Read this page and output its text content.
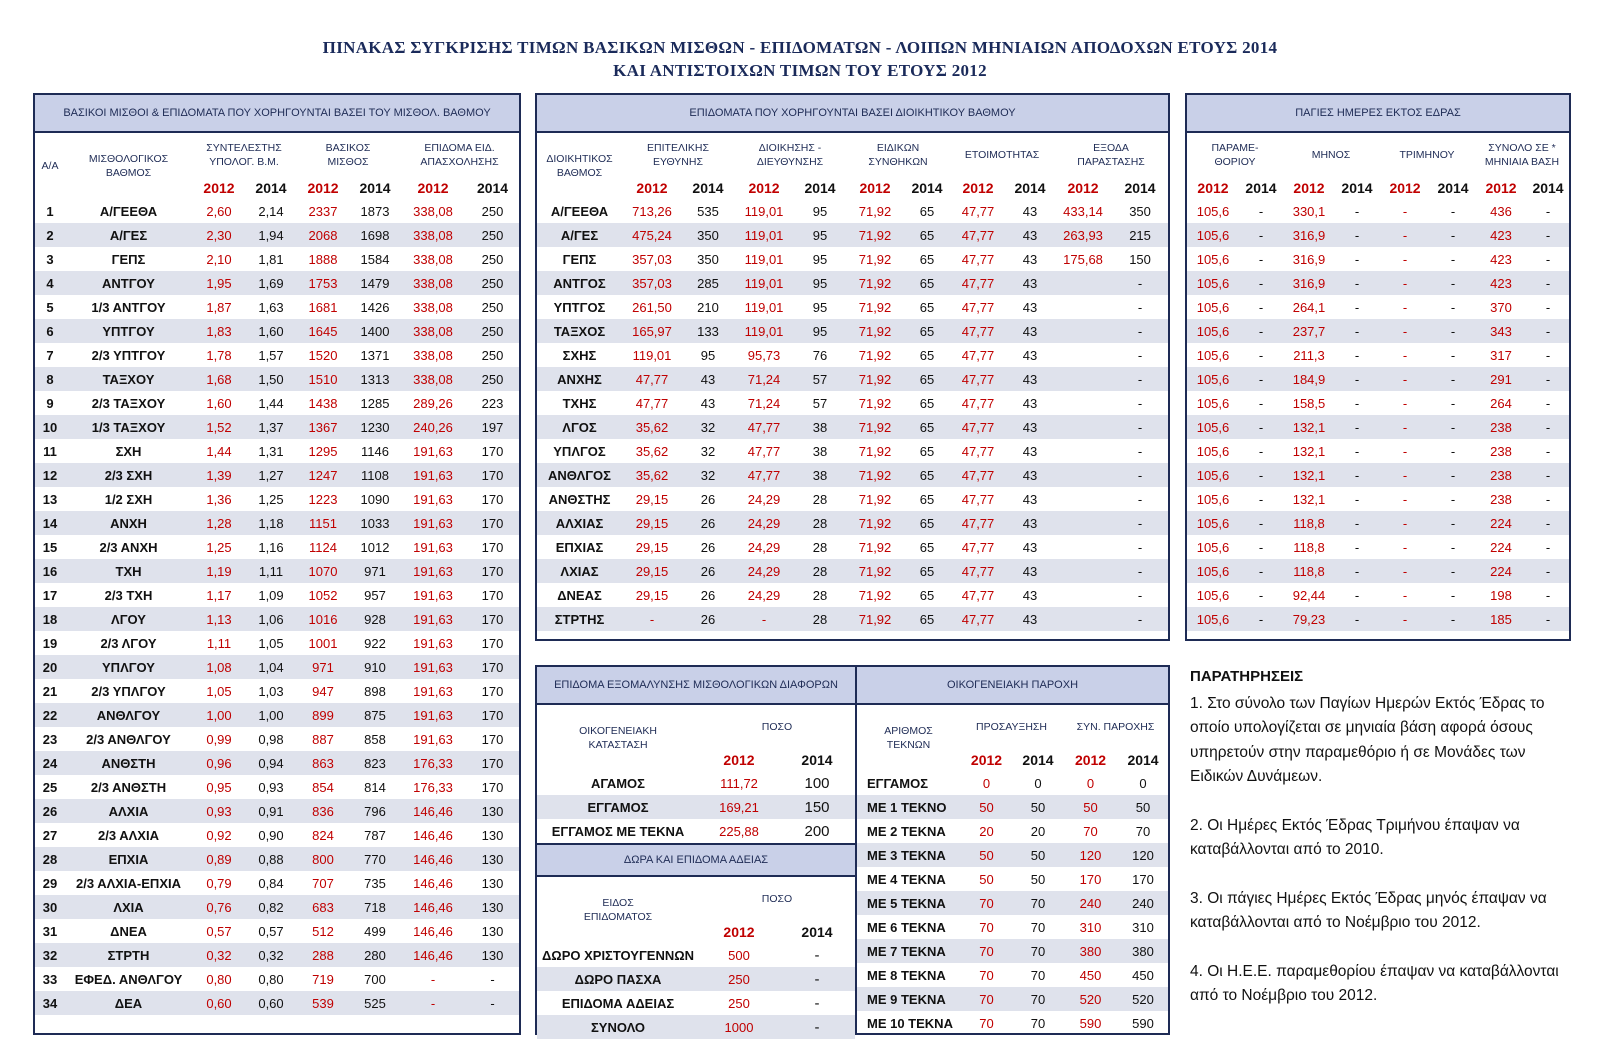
ΠΙΝΑΚΑΣ ΣΥΓΚΡΙΣΗΣ ΤΙΜΩΝ ΒΑΣΙΚΩΝ ΜΙΣΘΩΝ - ΕΠΙΔΟΜΑΤΩΝ - ΛΟΙΠΩΝ ΜΗΝΙΑΙΩΝ ΑΠΟΔΟΧΩΝ ΕΤΟΥΣ 2014
ΚΑΙ ΑΝΤΙΣΤΟΙΧΩΝ ΤΙΜΩΝ ΤΟΥ ΕΤΟΥΣ 2012
ΒΑΣΙΚΟΙ ΜΙΣΘΟΙ & ΕΠΙΔΟΜΑΤΑ ΠΟΥ ΧΟΡΗΓΟΥΝΤΑΙ ΒΑΣΕΙ ΤΟΥ ΜΙΣΘΟΛ. ΒΑΘΜΟΥ
Α/Α	ΜΙΣΘΟΛΟΓΙΚΟΣ ΒΑΘΜΟΣ	ΣΥΝΤΕΛΕΣΤΗΣ ΥΠΟΛΟΓ. Β.Μ.		ΒΑΣΙΚΟΣ ΜΙΣΘΟΣ		ΕΠΙΔΟΜΑ ΕΙΔ. ΑΠΑΣΧΟΛΗΣΗΣ	
		2012	2014	2012	2014	2012	2014
1	Α/ΓΕΕΘΑ	2,60	2,14	2337	1873	338,08	250
2	Α/ΓΕΣ	2,30	1,94	2068	1698	338,08	250
3	ΓΕΠΣ	2,10	1,81	1888	1584	338,08	250
4	ΑΝΤΓΟΥ	1,95	1,69	1753	1479	338,08	250
5	1/3 ΑΝΤΓΟΥ	1,87	1,63	1681	1426	338,08	250
6	ΥΠΤΓΟΥ	1,83	1,60	1645	1400	338,08	250
7	2/3 ΥΠΤΓΟΥ	1,78	1,57	1520	1371	338,08	250
8	ΤΑΞΧΟΥ	1,68	1,50	1510	1313	338,08	250
9	2/3 ΤΑΞΧΟΥ	1,60	1,44	1438	1285	289,26	223
10	1/3 ΤΑΞΧΟΥ	1,52	1,37	1367	1230	240,26	197
11	ΣΧΗ	1,44	1,31	1295	1146	191,63	170
12	2/3 ΣΧΗ	1,39	1,27	1247	1108	191,63	170
13	1/2 ΣΧΗ	1,36	1,25	1223	1090	191,63	170
14	ΑΝΧΗ	1,28	1,18	1151	1033	191,63	170
15	2/3 ΑΝΧΗ	1,25	1,16	1124	1012	191,63	170
16	ΤΧΗ	1,19	1,11	1070	971	191,63	170
17	2/3 ΤΧΗ	1,17	1,09	1052	957	191,63	170
18	ΛΓΟΥ	1,13	1,06	1016	928	191,63	170
19	2/3 ΛΓΟΥ	1,11	1,05	1001	922	191,63	170
20	ΥΠΛΓΟΥ	1,08	1,04	971	910	191,63	170
21	2/3 ΥΠΛΓΟΥ	1,05	1,03	947	898	191,63	170
22	ΑΝΘΛΓΟΥ	1,00	1,00	899	875	191,63	170
23	2/3 ΑΝΘΛΓΟΥ	0,99	0,98	887	858	191,63	170
24	ΑΝΘΣΤΗ	0,96	0,94	863	823	176,33	170
25	2/3 ΑΝΘΣΤΗ	0,95	0,93	854	814	176,33	170
26	ΑΛΧΙΑ	0,93	0,91	836	796	146,46	130
27	2/3 ΑΛΧΙΑ	0,92	0,90	824	787	146,46	130
28	ΕΠΧΙΑ	0,89	0,88	800	770	146,46	130
29	2/3 ΑΛΧΙΑ-ΕΠΧΙΑ	0,79	0,84	707	735	146,46	130
30	ΛΧΙΑ	0,76	0,82	683	718	146,46	130
31	ΔΝΕΑ	0,57	0,57	512	499	146,46	130
32	ΣΤΡΤΗ	0,32	0,32	288	280	146,46	130
33	ΕΦΕΔ. ΑΝΘΛΓΟΥ	0,80	0,80	719	700	-	-
34	ΔΕΑ	0,60	0,60	539	525	-	-
ΕΠΙΔΟΜΑΤΑ ΠΟΥ ΧΟΡΗΓΟΥΝΤΑΙ ΒΑΣΕΙ ΔΙΟΙΚΗΤΙΚΟΥ ΒΑΘΜΟΥ
ΔΙΟΙΚΗΤΙΚΟΣ ΒΑΘΜΟΣ	ΕΠΙΤΕΛΙΚΗΣ ΕΥΘΥΝΗΣ		ΔΙΟΙΚΗΣΗΣ - ΔΙΕΥΘΥΝΣΗΣ		ΕΙΔΙΚΩΝ ΣΥΝΘΗΚΩΝ		ΕΤΟΙΜΟΤΗΤΑΣ		ΕΞΟΔΑ ΠΑΡΑΣΤΑΣΗΣ	
	2012	2014	2012	2014	2012	2014	2012	2014	2012	2014
Α/ΓΕΕΘΑ	713,26	535	119,01	95	71,92	65	47,77	43	433,14	350
Α/ΓΕΣ	475,24	350	119,01	95	71,92	65	47,77	43	263,93	215
ΓΕΠΣ	357,03	350	119,01	95	71,92	65	47,77	43	175,68	150
ΑΝΤΓΟΣ	357,03	285	119,01	95	71,92	65	47,77	43		-
ΥΠΤΓΟΣ	261,50	210	119,01	95	71,92	65	47,77	43		-
ΤΑΞΧΟΣ	165,97	133	119,01	95	71,92	65	47,77	43		-
ΣΧΗΣ	119,01	95	95,73	76	71,92	65	47,77	43		-
ΑΝΧΗΣ	47,77	43	71,24	57	71,92	65	47,77	43		-
ΤΧΗΣ	47,77	43	71,24	57	71,92	65	47,77	43		-
ΛΓΟΣ	35,62	32	47,77	38	71,92	65	47,77	43		-
ΥΠΛΓΟΣ	35,62	32	47,77	38	71,92	65	47,77	43		-
ΑΝΘΛΓΟΣ	35,62	32	47,77	38	71,92	65	47,77	43		-
ΑΝΘΣΤΗΣ	29,15	26	24,29	28	71,92	65	47,77	43		-
ΑΛΧΙΑΣ	29,15	26	24,29	28	71,92	65	47,77	43		-
ΕΠΧΙΑΣ	29,15	26	24,29	28	71,92	65	47,77	43		-
ΛΧΙΑΣ	29,15	26	24,29	28	71,92	65	47,77	43		-
ΔΝΕΑΣ	29,15	26	24,29	28	71,92	65	47,77	43		-
ΣΤΡΤΗΣ	-	26	-	28	71,92	65	47,77	43		-
ΠΑΓΙΕΣ ΗΜΕΡΕΣ ΕΚΤΟΣ ΕΔΡΑΣ
ΠΑΡΑΜΕ-ΘΟΡΙΟΥ		ΜΗΝΟΣ		ΤΡΙΜΗΝΟΥ		ΣΥΝΟΛΟ ΣΕ * ΜΗΝΙΑΙΑ ΒΑΣΗ	
2012	2014	2012	2014	2012	2014	2012	2014
105,6	-	330,1	-	-	-	436	-
105,6	-	316,9	-	-	-	423	-
105,6	-	316,9	-	-	-	423	-
105,6	-	316,9	-	-	-	423	-
105,6	-	264,1	-	-	-	370	-
105,6	-	237,7	-	-	-	343	-
105,6	-	211,3	-	-	-	317	-
105,6	-	184,9	-	-	-	291	-
105,6	-	158,5	-	-	-	264	-
105,6	-	132,1	-	-	-	238	-
105,6	-	132,1	-	-	-	238	-
105,6	-	132,1	-	-	-	238	-
105,6	-	132,1	-	-	-	238	-
105,6	-	118,8	-	-	-	224	-
105,6	-	118,8	-	-	-	224	-
105,6	-	118,8	-	-	-	224	-
105,6	-	92,44	-	-	-	198	-
105,6	-	79,23	-	-	-	185	-
ΕΠΙΔΟΜΑ ΕΞΟΜΑΛΥΝΣΗΣ ΜΙΣΘΟΛΟΓΙΚΩΝ ΔΙΑΦΟΡΩΝ
ΟΙΚΟΓΕΝΕΙΑΚΗ ΚΑΤΑΣΤΑΣΗ	ΠΟΣΟ	
	2012	2014
ΑΓΑΜΟΣ	111,72	100
ΕΓΓΑΜΟΣ	169,21	150
ΕΓΓΑΜΟΣ ΜΕ ΤΕΚΝΑ	225,88	200
ΔΩΡΑ ΚΑΙ ΕΠΙΔΟΜΑ ΑΔΕΙΑΣ
ΕΙΔΟΣ ΕΠΙΔΟΜΑΤΟΣ	ΠΟΣΟ	
	2012	2014
ΔΩΡΟ ΧΡΙΣΤΟΥΓΕΝΝΩΝ	500	-
ΔΩΡΟ ΠΑΣΧΑ	250	-
ΕΠΙΔΟΜΑ ΑΔΕΙΑΣ	250	-
ΣΥΝΟΛΟ	1000	-
ΟΙΚΟΓΕΝΕΙΑΚΗ ΠΑΡΟΧΗ
ΑΡΙΘΜΟΣ ΤΕΚΝΩΝ	ΠΡΟΣΑΥΞΗΣΗ		ΣΥΝ. ΠΑΡΟΧΗΣ	
	2012	2014	2012	2014
ΕΓΓΑΜΟΣ	0	0	0	0
ΜΕ 1 ΤΕΚΝΟ	50	50	50	50
ΜΕ 2 ΤΕΚΝΑ	20	20	70	70
ΜΕ 3 ΤΕΚΝΑ	50	50	120	120
ΜΕ 4 ΤΕΚΝΑ	50	50	170	170
ΜΕ 5 ΤΕΚΝΑ	70	70	240	240
ΜΕ 6 ΤΕΚΝΑ	70	70	310	310
ΜΕ 7 ΤΕΚΝΑ	70	70	380	380
ΜΕ 8 ΤΕΚΝΑ	70	70	450	450
ΜΕ 9 ΤΕΚΝΑ	70	70	520	520
ΜΕ 10 ΤΕΚΝΑ	70	70	590	590
ΠΑΡΑΤΗΡΗΣΕΙΣ

1. Στο σύνολο των Παγίων Ημερών Εκτός Έδρας το οποίο υπολογίζεται σε μηνιαία βάση αφορά όσους υπηρετούν στην παραμεθόριο ή σε Μονάδες των Ειδικών Δυνάμεων.

2. Οι Ημέρες Εκτός Έδρας Τριμήνου έπαψαν να καταβάλλονται από το 2010.

3. Οι πάγιες Ημέρες Εκτός Έδρας μηνός έπαψαν να καταβάλλονται από το Νοέμβριο του 2012.

4. Οι Η.Ε.Ε. παραμεθορίου έπαψαν να καταβάλλονται από το Νοέμβριο του 2012.
